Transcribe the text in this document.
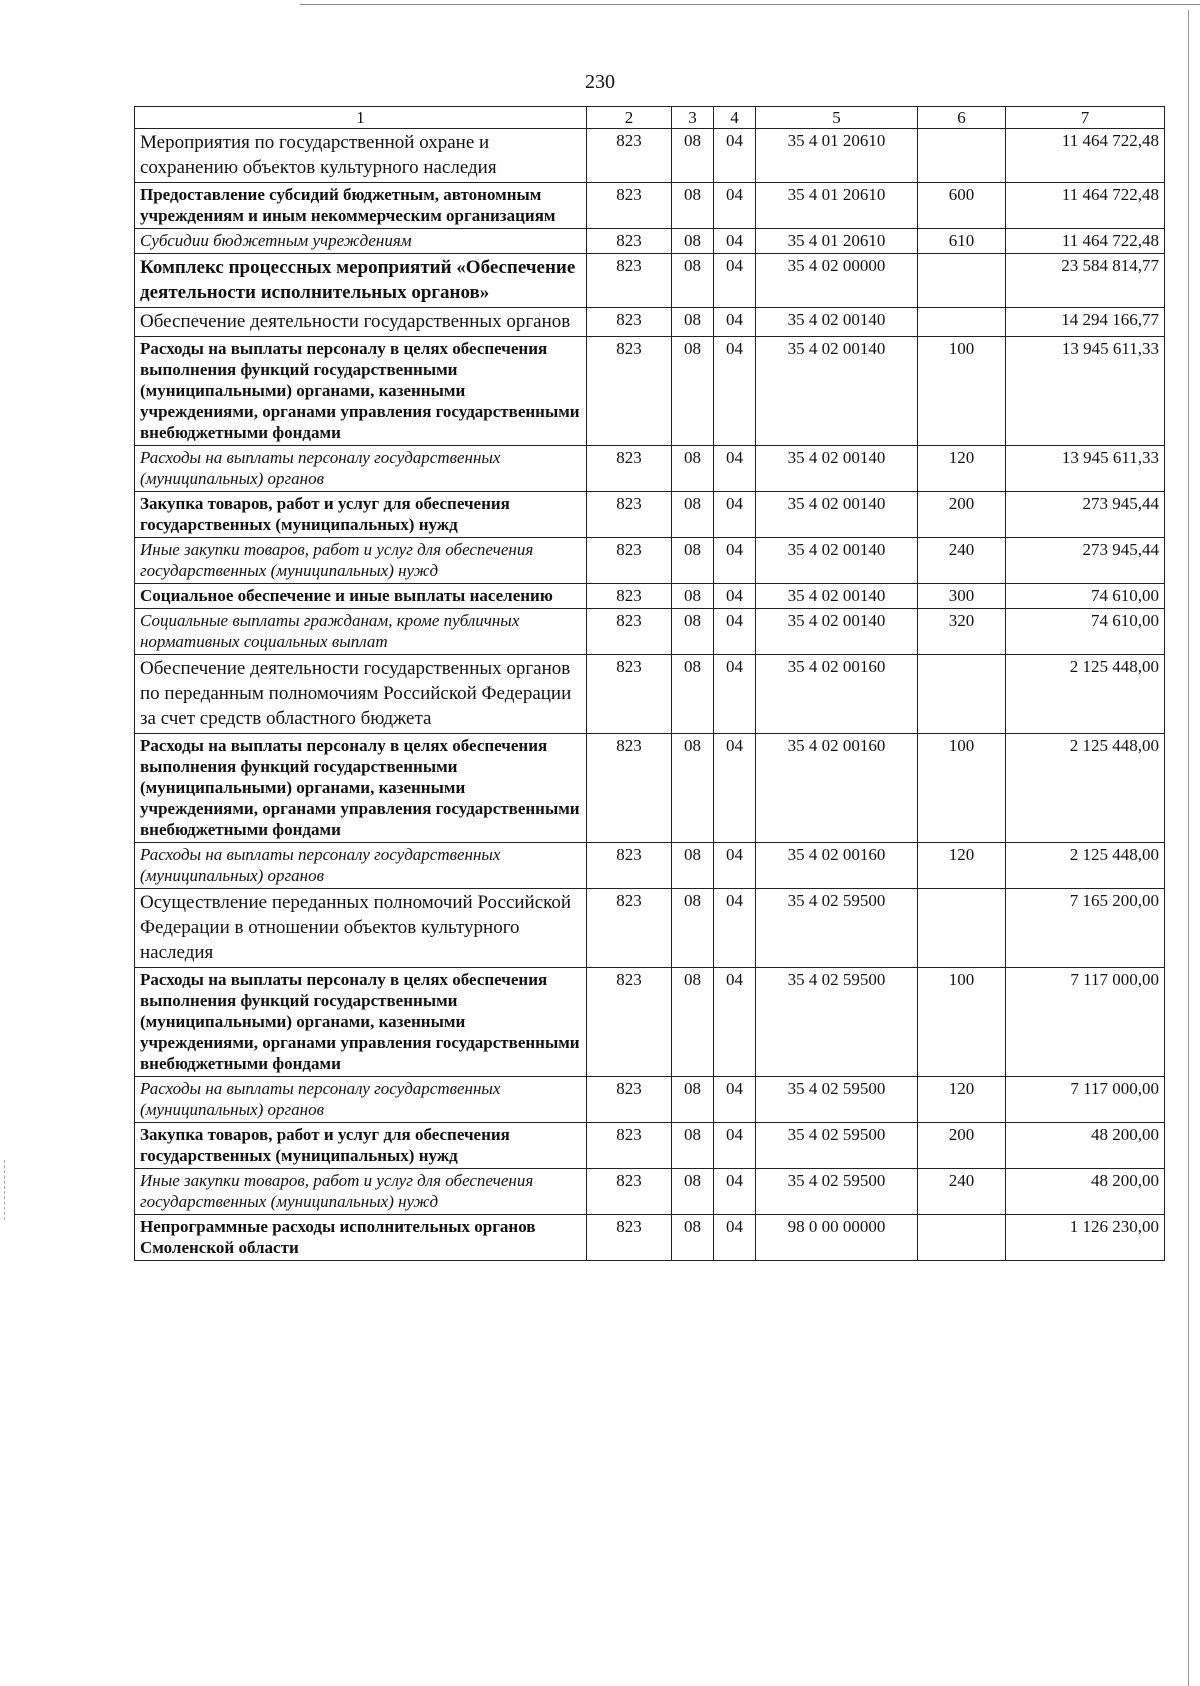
230
1	2	3	4	5	6	7
Мероприятия по государственной охране и сохранению объектов культурного наследия	823	08	04	35 4 01 20610		11 464 722,48
Предоставление субсидий бюджетным, автономным учреждениям и иным некоммерческим организациям	823	08	04	35 4 01 20610	600	11 464 722,48
Субсидии бюджетным учреждениям	823	08	04	35 4 01 20610	610	11 464 722,48
Комплекс процессных мероприятий «Обеспечение деятельности исполнительных органов»	823	08	04	35 4 02 00000		23 584 814,77
Обеспечение деятельности государственных органов	823	08	04	35 4 02 00140		14 294 166,77
Расходы на выплаты персоналу в целях обеспечения выполнения функций государственными (муниципальными) органами, казенными учреждениями, органами управления государственными внебюджетными фондами	823	08	04	35 4 02 00140	100	13 945 611,33
Расходы на выплаты персоналу государственных (муниципальных) органов	823	08	04	35 4 02 00140	120	13 945 611,33
Закупка товаров, работ и услуг для обеспечения государственных (муниципальных) нужд	823	08	04	35 4 02 00140	200	273 945,44
Иные закупки товаров, работ и услуг для обеспечения государственных (муниципальных) нужд	823	08	04	35 4 02 00140	240	273 945,44
Социальное обеспечение и иные выплаты населению	823	08	04	35 4 02 00140	300	74 610,00
Социальные выплаты гражданам, кроме публичных нормативных социальных выплат	823	08	04	35 4 02 00140	320	74 610,00
Обеспечение деятельности государственных органов по переданным полномочиям Российской Федерации за счет средств областного бюджета	823	08	04	35 4 02 00160		2 125 448,00
Расходы на выплаты персоналу в целях обеспечения выполнения функций государственными (муниципальными) органами, казенными учреждениями, органами управления государственными внебюджетными фондами	823	08	04	35 4 02 00160	100	2 125 448,00
Расходы на выплаты персоналу государственных (муниципальных) органов	823	08	04	35 4 02 00160	120	2 125 448,00
Осуществление переданных полномочий Российской Федерации в отношении объектов культурного наследия	823	08	04	35 4 02 59500		7 165 200,00
Расходы на выплаты персоналу в целях обеспечения выполнения функций государственными (муниципальными) органами, казенными учреждениями, органами управления государственными внебюджетными фондами	823	08	04	35 4 02 59500	100	7 117 000,00
Расходы на выплаты персоналу государственных (муниципальных) органов	823	08	04	35 4 02 59500	120	7 117 000,00
Закупка товаров, работ и услуг для обеспечения государственных (муниципальных) нужд	823	08	04	35 4 02 59500	200	48 200,00
Иные закупки товаров, работ и услуг для обеспечения государственных (муниципальных) нужд	823	08	04	35 4 02 59500	240	48 200,00
Непрограммные расходы исполнительных органов Смоленской области	823	08	04	98 0 00 00000		1 126 230,00
